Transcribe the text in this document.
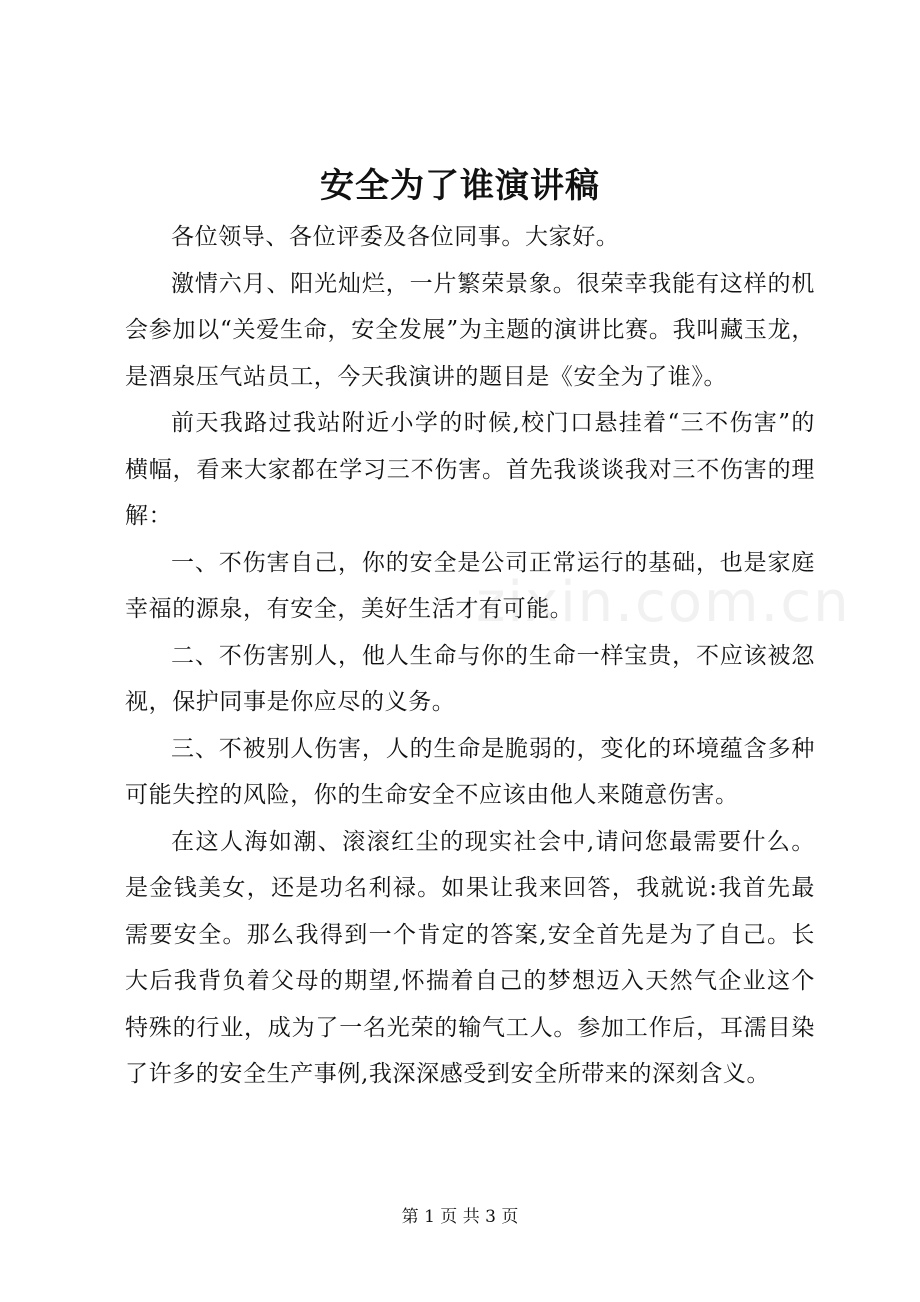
安全为了谁演讲稿

各位领导、各位评委及各位同事。大家好。

激情六月、阳光灿烂，一片繁荣景象。很荣幸我能有这样的机会参加以“关爱生命，安全发展”为主题的演讲比赛。我叫藏玉龙，是酒泉压气站员工，今天我演讲的题目是《安全为了谁》。

前天我路过我站附近小学的时候,校门口悬挂着“三不伤害”的横幅，看来大家都在学习三不伤害。首先我谈谈我对三不伤害的理解：

一、不伤害自己，你的安全是公司正常运行的基础，也是家庭幸福的源泉，有安全，美好生活才有可能。

二、不伤害别人，他人生命与你的生命一样宝贵，不应该被忽视，保护同事是你应尽的义务。

三、不被别人伤害，人的生命是脆弱的，变化的环境蕴含多种可能失控的风险，你的生命安全不应该由他人来随意伤害。

在这人海如潮、滚滚红尘的现实社会中,请问您最需要什么。是金钱美女，还是功名利禄。如果让我来回答，我就说:我首先最需要安全。那么我得到一个肯定的答案,安全首先是为了自己。长大后我背负着父母的期望,怀揣着自己的梦想迈入天然气企业这个特殊的行业，成为了一名光荣的输气工人。参加工作后，耳濡目染了许多的安全生产事例,我深深感受到安全所带来的深刻含义。

zixin.com.cn
第 1 页 共 3 页
